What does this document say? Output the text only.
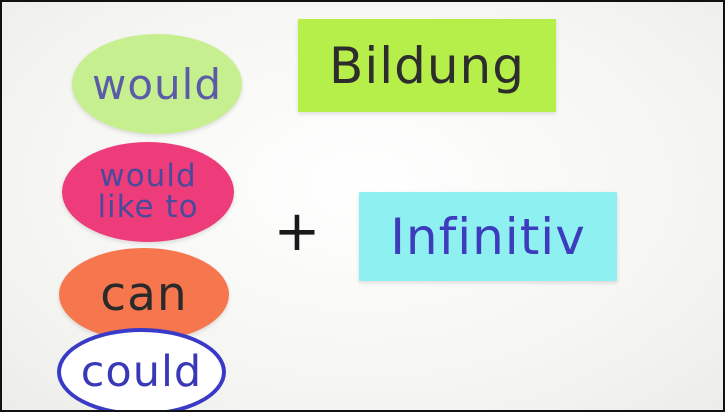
Bildung
would
would
like to + Infinitiv
can
could
